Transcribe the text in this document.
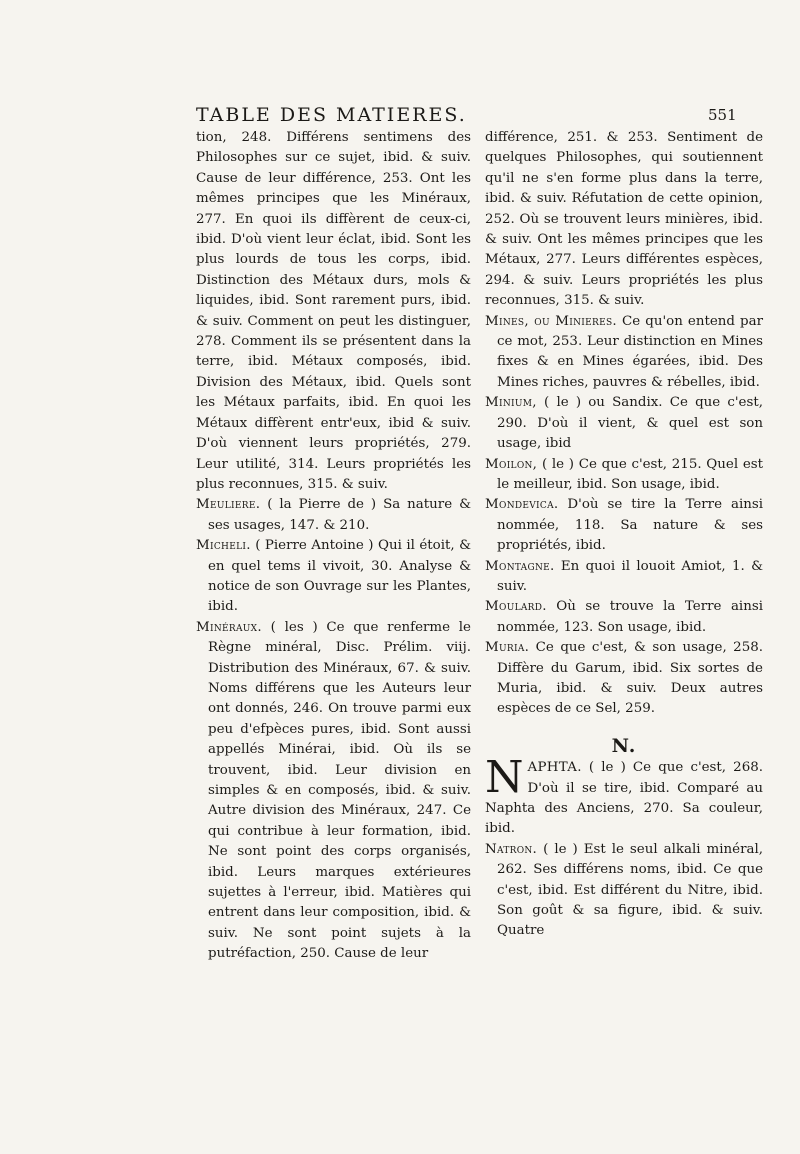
TABLE DES MATIERES.	551

tion, 248. Différens sentimens des Philosophes sur ce sujet, ibid. & suiv. Cause de leur différence, 253. Ont les mêmes principes que les Minéraux, 277. En quoi ils diffèrent de ceux-ci, ibid. D'où vient leur éclat, ibid. Sont les plus lourds de tous les corps, ibid. Distinction des Métaux durs, mols & liquides, ibid. Sont rarement purs, ibid. & suiv. Comment on peut les distinguer, 278. Comment ils se présentent dans la terre, ibid. Métaux composés, ibid. Division des Métaux, ibid. Quels sont les Métaux parfaits, ibid. En quoi les Métaux diffèrent entr'eux, ibid & suiv. D'où viennent leurs propriétés, 279. Leur utilité, 314. Leurs propriétés les plus reconnues, 315. & suiv.

Meuliere. ( la Pierre de ) Sa nature & ses usages, 147. & 210.

Micheli. ( Pierre Antoine ) Qui il étoit, & en quel tems il vivoit, 30. Analyse & notice de son Ouvrage sur les Plantes, ibid.

Minéraux. ( les ) Ce que renferme le Règne minéral, Disc. Prélim. viij. Distribution des Minéraux, 67. & suiv. Noms différens que les Auteurs leur ont donnés, 246. On trouve parmi eux peu d'efpèces pures, ibid. Sont aussi appellés Minérai, ibid. Où ils se trouvent, ibid. Leur division en simples & en composés, ibid. & suiv. Autre division des Minéraux, 247. Ce qui contribue à leur formation, ibid. Ne sont point des corps organisés, ibid. Leurs marques extérieures sujettes à l'erreur, ibid. Matières qui entrent dans leur composition, ibid. & suiv. Ne sont point sujets à la putréfaction, 250. Cause de leur

différence, 251. & 253. Sentiment de quelques Philosophes, qui soutiennent qu'il ne s'en forme plus dans la terre, ibid. & suiv. Réfutation de cette opinion, 252. Où se trouvent leurs minières, ibid. & suiv. Ont les mêmes principes que les Métaux, 277. Leurs différentes espèces, 294. & suiv. Leurs propriétés les plus reconnues, 315. & suiv.

Mines, ou Minieres. Ce qu'on entend par ce mot, 253. Leur distinction en Mines fixes & en Mines égarées, ibid. Des Mines riches, pauvres & rébelles, ibid.

Minium, ( le ) ou Sandix. Ce que c'est, 290. D'où il vient, & quel est son usage, ibid

Moilon, ( le ) Ce que c'est, 215. Quel est le meilleur, ibid. Son usage, ibid.

Mondevica. D'où se tire la Terre ainsi nommée, 118. Sa nature & ses propriétés, ibid.

Montagne. En quoi il louoit Amiot, 1. & suiv.

Moulard. Où se trouve la Terre ainsi nommée, 123. Son usage, ibid.

Muria. Ce que c'est, & son usage, 258. Diffère du Garum, ibid. Six sortes de Muria, ibid. & suiv. Deux autres espèces de ce Sel, 259.

N.

NAPHTA. ( le ) Ce que c'est, 268. D'où il se tire, ibid. Comparé au Naphta des Anciens, 270. Sa couleur, ibid.

Natron. ( le ) Est le seul alkali minéral, 262. Ses différens noms, ibid. Ce que c'est, ibid. Est différent du Nitre, ibid. Son goût & sa figure, ibid. & suiv. Quatre
